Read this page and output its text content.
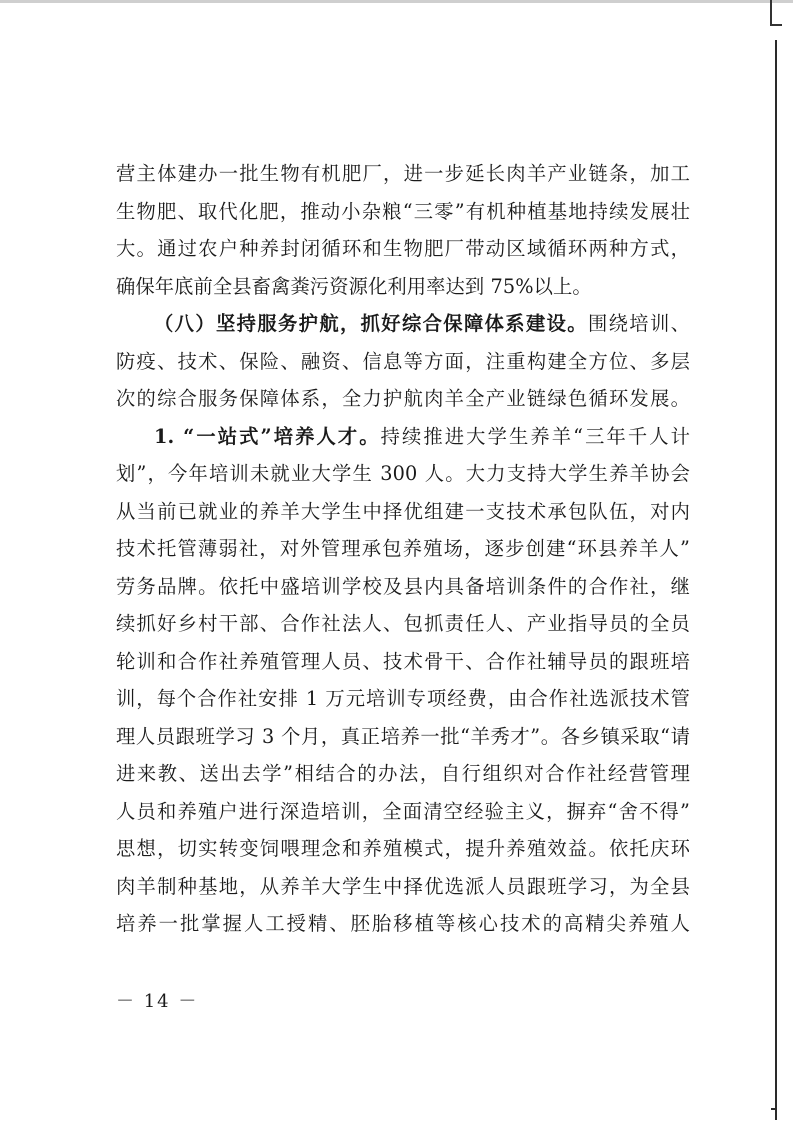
营主体建办一批生物有机肥厂，进一步延长肉羊产业链条，加工
生物肥、取代化肥，推动小杂粮“三零”有机种植基地持续发展壮
大。通过农户种养封闭循环和生物肥厂带动区域循环两种方式，
确保年底前全县畜禽粪污资源化利用率达到 75%以上。
（八）坚持服务护航，抓好综合保障体系建设。围绕培训、
防疫、技术、保险、融资、信息等方面，注重构建全方位、多层
次的综合服务保障体系，全力护航肉羊全产业链绿色循环发展。
1. “一站式”培养人才。持续推进大学生养羊“三年千人计
划”，今年培训未就业大学生 300 人。大力支持大学生养羊协会
从当前已就业的养羊大学生中择优组建一支技术承包队伍，对内
技术托管薄弱社，对外管理承包养殖场，逐步创建“环县养羊人”
劳务品牌。依托中盛培训学校及县内具备培训条件的合作社，继
续抓好乡村干部、合作社法人、包抓责任人、产业指导员的全员
轮训和合作社养殖管理人员、技术骨干、合作社辅导员的跟班培
训，每个合作社安排 1 万元培训专项经费，由合作社选派技术管
理人员跟班学习 3 个月，真正培养一批“羊秀才”。各乡镇采取“请
进来教、送出去学”相结合的办法，自行组织对合作社经营管理
人员和养殖户进行深造培训，全面清空经验主义，摒弃“舍不得”
思想，切实转变饲喂理念和养殖模式，提升养殖效益。依托庆环
肉羊制种基地，从养羊大学生中择优选派人员跟班学习，为全县
培养一批掌握人工授精、胚胎移植等核心技术的高精尖养殖人
－ 14 －
